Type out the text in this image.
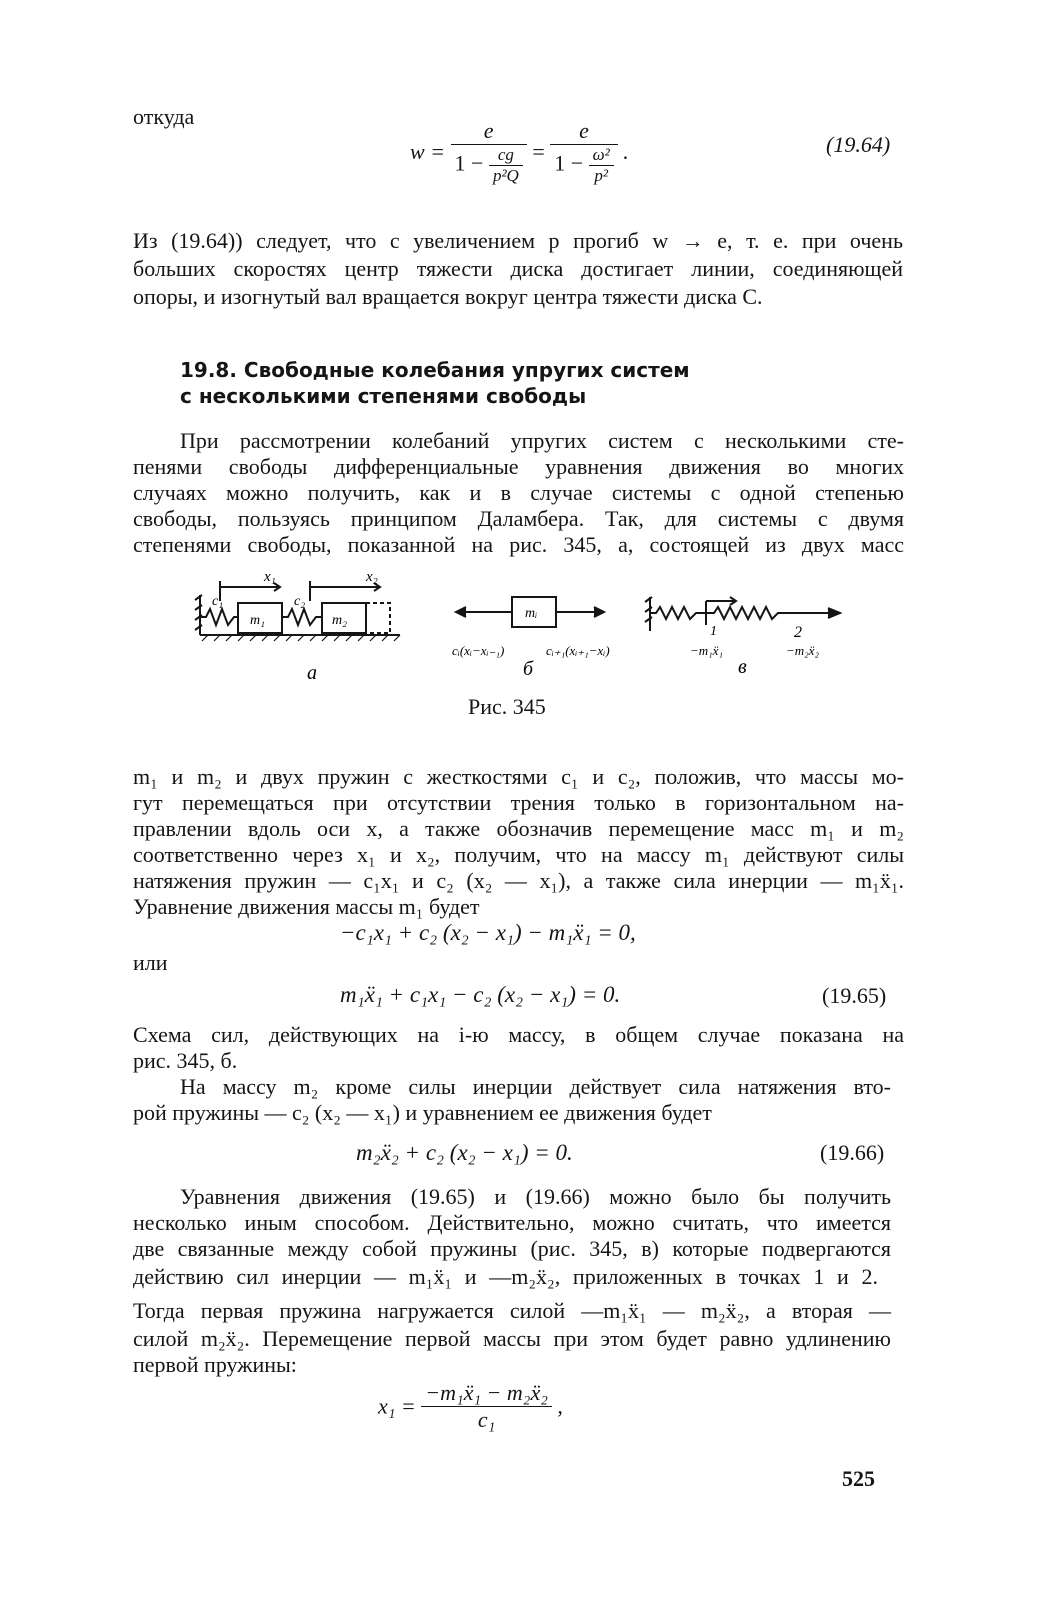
откуда
$w = \frac{e}{1 - \frac{cg}{\text{p²Q}}} = \frac{e}{1 - \frac{\text{ω²}}{\text{p²}}}$ .	(19.64)
Из (19.64)) следует, что с увеличением p прогиб w → e, т. е. при очень
больших скоростях центр тяжести диска достигает линии, соединяющей
опоры, и изогнутый вал вращается вокруг центра тяжести диска C.
19.8. Свободные колебания упругих систем
с несколькими степенями свободы
При рассмотрении колебаний упругих систем с несколькими сте-
пенями свободы дифференциальные уравнения движения во многих
случаях можно получить, как и в случае системы с одной степенью
свободы, пользуясь принципом Даламбера. Так, для системы с двумя
степенями свободы, показанной на рис. 345, a, состоящей из двух масс
x₁	x₂
c₁	c₂
m₁	m₂
a
mᵢ
cᵢ(xᵢ−xᵢ₋₁)	cᵢ₊₁(xᵢ₊₁−xᵢ)
б
1	2
−m₁ẍ₁	−m₂ẍ₂
в
Рис. 345
m₁ и m₂ и двух пружин с жесткостями c₁ и c₂, положив, что массы мо-
гут перемещаться при отсутствии трения только в горизонтальном на-
правлении вдоль оси x, а также обозначив перемещение масс m₁ и m₂
соответственно через x₁ и x₂, получим, что на массу m₁ действуют силы
натяжения пружин — c₁x₁ и c₂ (x₂ — x₁), а также сила инерции — m₁ẍ₁.
Уравнение движения массы m₁ будет
−c₁x₁ + c₂ (x₂ − x₁) − m₁ẍ₁ = 0,
или
m₁ẍ₁ + c₁x₁ − c₂ (x₂ − x₁) = 0.	(19.65)
Схема сил, действующих на i-ю массу, в общем случае показана на
рис. 345, б.
На массу m₂ кроме силы инерции действует сила натяжения вто-
рой пружины — c₂ (x₂ — x₁) и уравнением ее движения будет
m₂ẍ₂ + c₂ (x₂ − x₁) = 0.	(19.66)
Уравнения движения (19.65) и (19.66) можно было бы получить
несколько иным способом. Действительно, можно считать, что имеется
две связанные между собой пружины (рис. 345, в) которые подвергаются
действию сил инерции — m₁ẍ₁ и —m₂ẍ₂, приложенных в точках 1 и 2.
Тогда первая пружина нагружается силой —m₁ẍ₁ — m₂ẍ₂, а вторая —
силой m₂ẍ₂. Перемещение первой массы при этом будет равно удлинению
первой пружины:
$x_1 = \frac{\text{−m₁ẍ₁ − m₂ẍ₂}}{\text{c₁}}$ ,
525
